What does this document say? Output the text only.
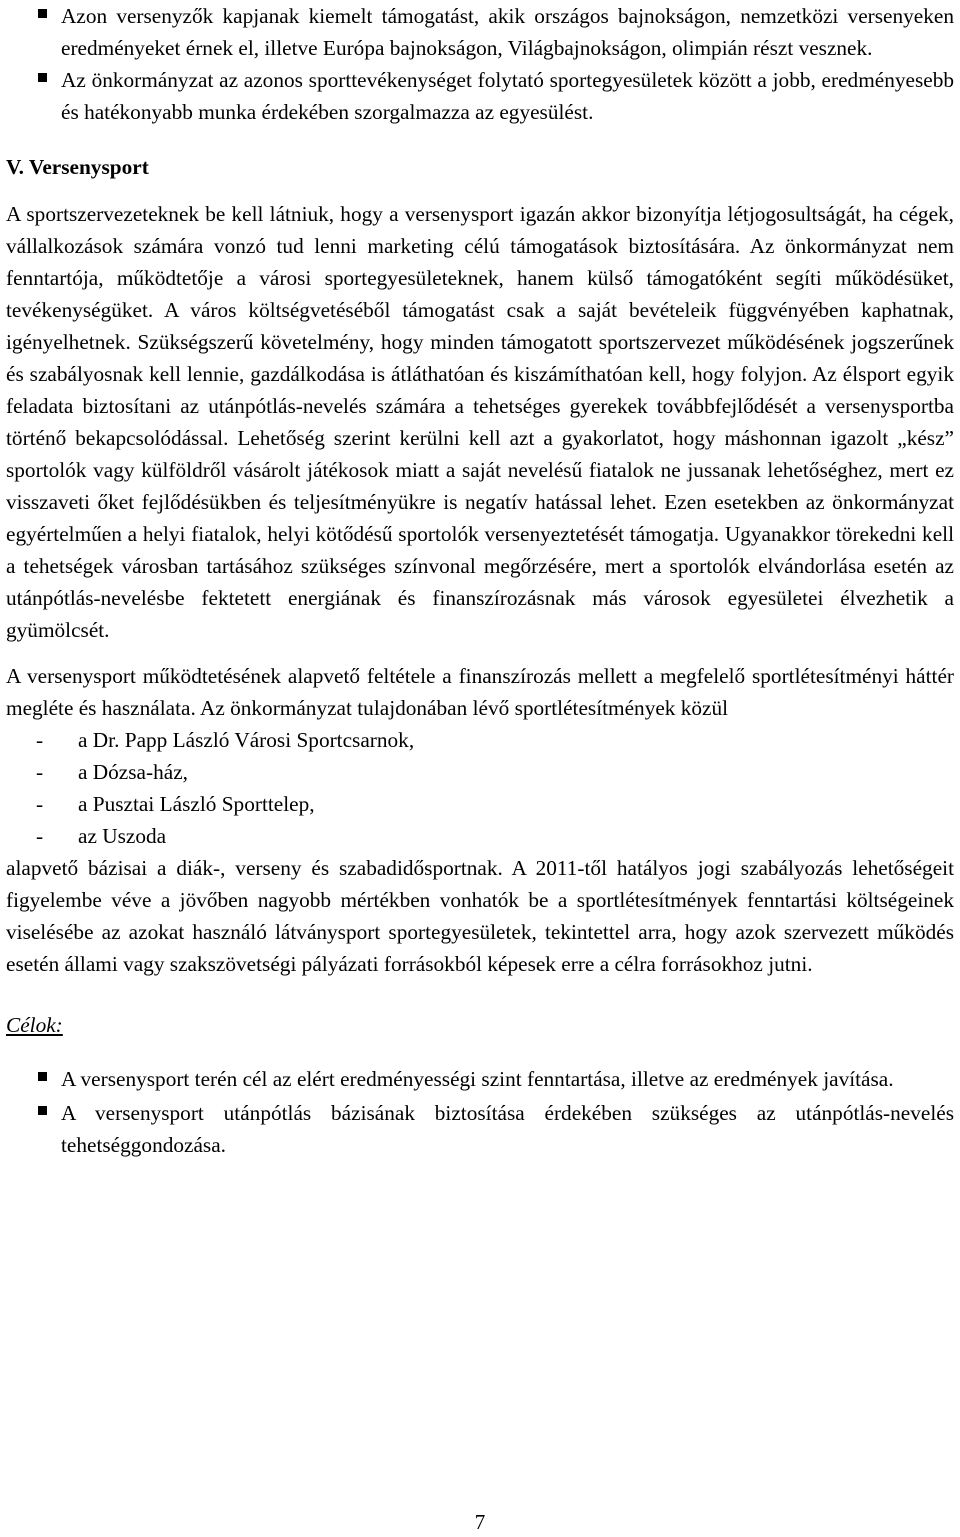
Azon versenyzők kapjanak kiemelt támogatást, akik országos bajnokságon, nemzetközi versenyeken eredményeket érnek el, illetve Európa bajnokságon, Világbajnokságon, olimpián részt vesznek.
Az önkormányzat az azonos sporttevékenységet folytató sportegyesületek között a jobb, eredményesebb és hatékonyabb munka érdekében szorgalmazza az egyesülést.
V. Versenysport

A sportszervezeteknek be kell látniuk, hogy a versenysport igazán akkor bizonyítja létjogosultságát, ha cégek, vállalkozások számára vonzó tud lenni marketing célú támogatások biztosítására. Az önkormányzat nem fenntartója, működtetője a városi sportegyesületeknek, hanem külső támogatóként segíti működésüket, tevékenységüket. A város költségvetéséből támogatást csak a saját bevételeik függvényében kaphatnak, igényelhetnek. Szükségszerű követelmény, hogy minden támogatott sportszervezet működésének jogszerűnek és szabályosnak kell lennie, gazdálkodása is átláthatóan és kiszámíthatóan kell, hogy folyjon. Az élsport egyik feladata biztosítani az utánpótlás-nevelés számára a tehetséges gyerekek továbbfejlődését a versenysportba történő bekapcsolódással. Lehetőség szerint kerülni kell azt a gyakorlatot, hogy máshonnan igazolt „kész” sportolók vagy külföldről vásárolt játékosok miatt a saját nevelésű fiatalok ne jussanak lehetőséghez, mert ez visszaveti őket fejlődésükben és teljesítményükre is negatív hatással lehet. Ezen esetekben az önkormányzat egyértelműen a helyi fiatalok, helyi kötődésű sportolók versenyeztetését támogatja. Ugyanakkor törekedni kell a tehetségek városban tartásához szükséges színvonal megőrzésére, mert a sportolók elvándorlása esetén az utánpótlás-nevelésbe fektetett energiának és finanszírozásnak más városok egyesületei élvezhetik a gyümölcsét.

A versenysport működtetésének alapvető feltétele a finanszírozás mellett a megfelelő sportlétesítményi háttér megléte és használata. Az önkormányzat tulajdonában lévő sportlétesítmények közül

- a Dr. Papp László Városi Sportcsarnok,
- a Dózsa-ház,
- a Pusztai László Sporttelep,
- az Uszoda

alapvető bázisai a diák-, verseny és szabadidősportnak. A 2011-től hatályos jogi szabályozás lehetőségeit figyelembe véve a jövőben nagyobb mértékben vonhatók be a sportlétesítmények fenntartási költségeinek viselésébe az azokat használó látványsport sportegyesületek, tekintettel arra, hogy azok szervezett működés esetén állami vagy szakszövetségi pályázati forrásokból képesek erre a célra forrásokhoz jutni.

Célok:
A versenysport terén cél az elért eredményességi szint fenntartása, illetve az eredmények javítása.
A versenysport utánpótlás bázisának biztosítása érdekében szükséges az utánpótlás-nevelés tehetséggondozása.
7
